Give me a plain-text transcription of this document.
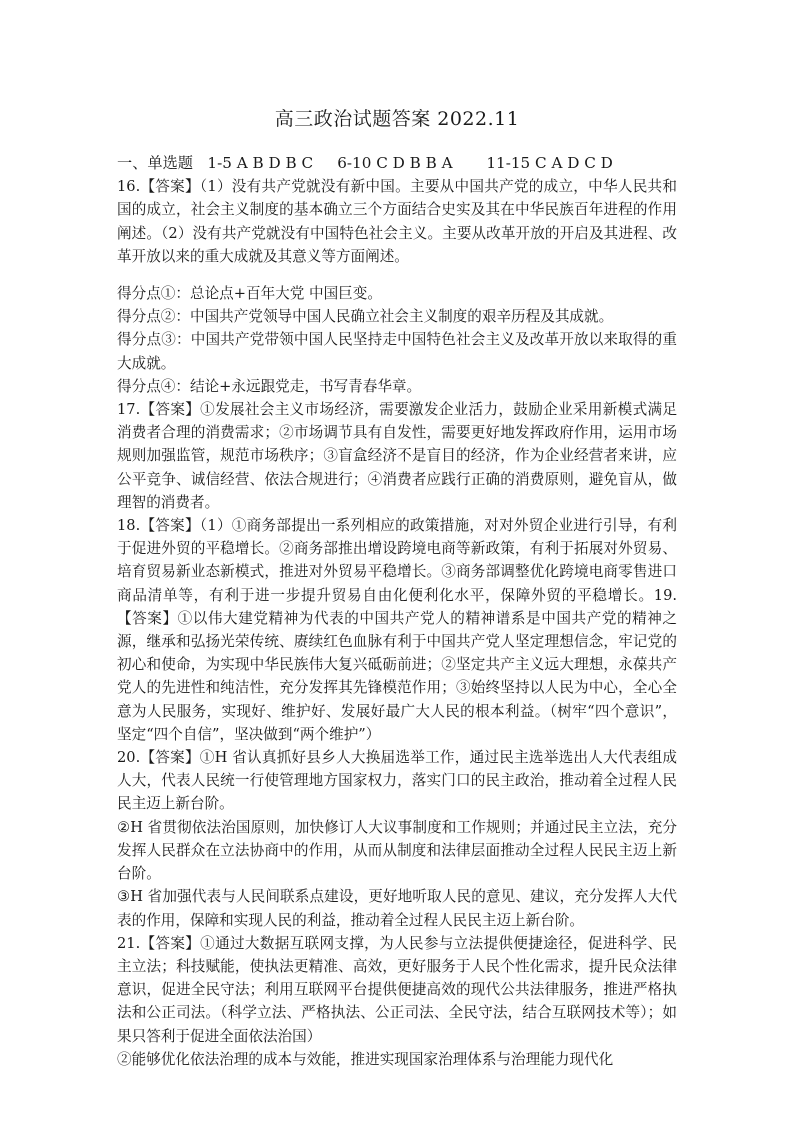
高三政治试题答案 2022.11

一、单选题   1-5 A B D B C     6-10 C D B B A       11-15 C A D C D

16.【答案】（1）没有共产党就没有新中国。主要从中国共产党的成立，中华人民共和国的成立，社会主义制度的基本确立三个方面结合史实及其在中华民族百年进程的作用阐述。（2）没有共产党就没有中国特色社会主义。主要从改革开放的开启及其进程、改革开放以来的重大成就及其意义等方面阐述。

得分点①：总论点+百年大党 中国巨变。

得分点②：中国共产党领导中国人民确立社会主义制度的艰辛历程及其成就。

得分点③：中国共产党带领中国人民坚持走中国特色社会主义及改革开放以来取得的重大成就。

得分点④：结论+永远跟党走，书写青春华章。

17.【答案】①发展社会主义市场经济，需要激发企业活力，鼓励企业采用新模式满足消费者合理的消费需求；②市场调节具有自发性，需要更好地发挥政府作用，运用市场规则加强监管，规范市场秩序；③盲盒经济不是盲目的经济，作为企业经营者来讲，应公平竞争、诚信经营、依法合规进行；④消费者应践行正确的消费原则，避免盲从，做理智的消费者。

18.【答案】（1）①商务部提出一系列相应的政策措施，对对外贸企业进行引导，有利于促进外贸的平稳增长。②商务部推出增设跨境电商等新政策，有利于拓展对外贸易、培育贸易新业态新模式，推进对外贸易平稳增长。③商务部调整优化跨境电商零售进口商品清单等，有利于进一步提升贸易自由化便利化水平，保障外贸的平稳增长。19.【答案】①以伟大建党精神为代表的中国共产党人的精神谱系是中国共产党的精神之源，继承和弘扬光荣传统、赓续红色血脉有利于中国共产党人坚定理想信念，牢记党的初心和使命，为实现中华民族伟大复兴砥砺前进；②坚定共产主义远大理想，永葆共产党人的先进性和纯洁性，充分发挥其先锋模范作用；③始终坚持以人民为中心，全心全意为人民服务，实现好、维护好、发展好最广大人民的根本利益。（树牢“四个意识”，坚定“四个自信”，坚决做到“两个维护”）

20.【答案】①H 省认真抓好县乡人大换届选举工作，通过民主选举选出人大代表组成人大，代表人民统一行使管理地方国家权力，落实门口的民主政治，推动着全过程人民民主迈上新台阶。

②H 省贯彻依法治国原则，加快修订人大议事制度和工作规则；并通过民主立法，充分发挥人民群众在立法协商中的作用，从而从制度和法律层面推动全过程人民民主迈上新台阶。

③H 省加强代表与人民间联系点建设，更好地听取人民的意见、建议，充分发挥人大代表的作用，保障和实现人民的利益，推动着全过程人民民主迈上新台阶。

21.【答案】①通过大数据互联网支撑，为人民参与立法提供便捷途径，促进科学、民主立法；科技赋能，使执法更精准、高效，更好服务于人民个性化需求，提升民众法律意识，促进全民守法；利用互联网平台提供便捷高效的现代公共法律服务，推进严格执法和公正司法。（科学立法、严格执法、公正司法、全民守法，结合互联网技术等）；如果只答利于促进全面依法治国）

②能够优化依法治理的成本与效能，推进实现国家治理体系与治理能力现代化
